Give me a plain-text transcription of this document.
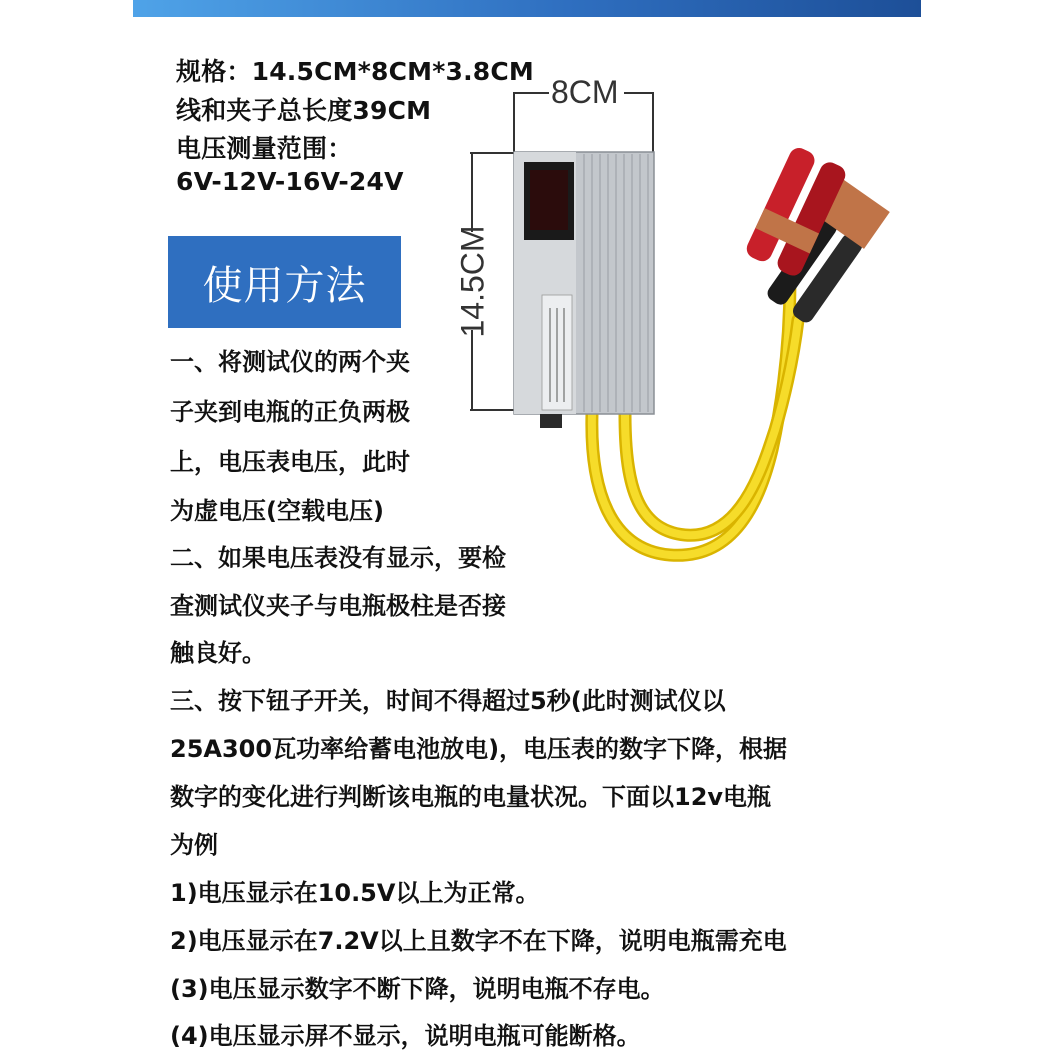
规格：14.5CM*8CM*3.8CM
线和夹子总长度39CM
电压测量范围：
6V-12V-16V-24V
使用方法
8CM
14.5CM
一、将测试仪的两个夹
子夹到电瓶的正负两极
上，电压表电压，此时
为虚电压(空载电压)
二、如果电压表没有显示，要检
查测试仪夹子与电瓶极柱是否接
触良好。
三、按下钮子开关，时间不得超过5秒(此时测试仪以
25A300瓦功率给蓄电池放电)，电压表的数字下降，根据
数字的变化进行判断该电瓶的电量状况。下面以12v电瓶
为例
1)电压显示在10.5V以上为正常。
2)电压显示在7.2V以上且数字不在下降，说明电瓶需充电
(3)电压显示数字不断下降，说明电瓶不存电。
(4)电压显示屏不显示，说明电瓶可能断格。
